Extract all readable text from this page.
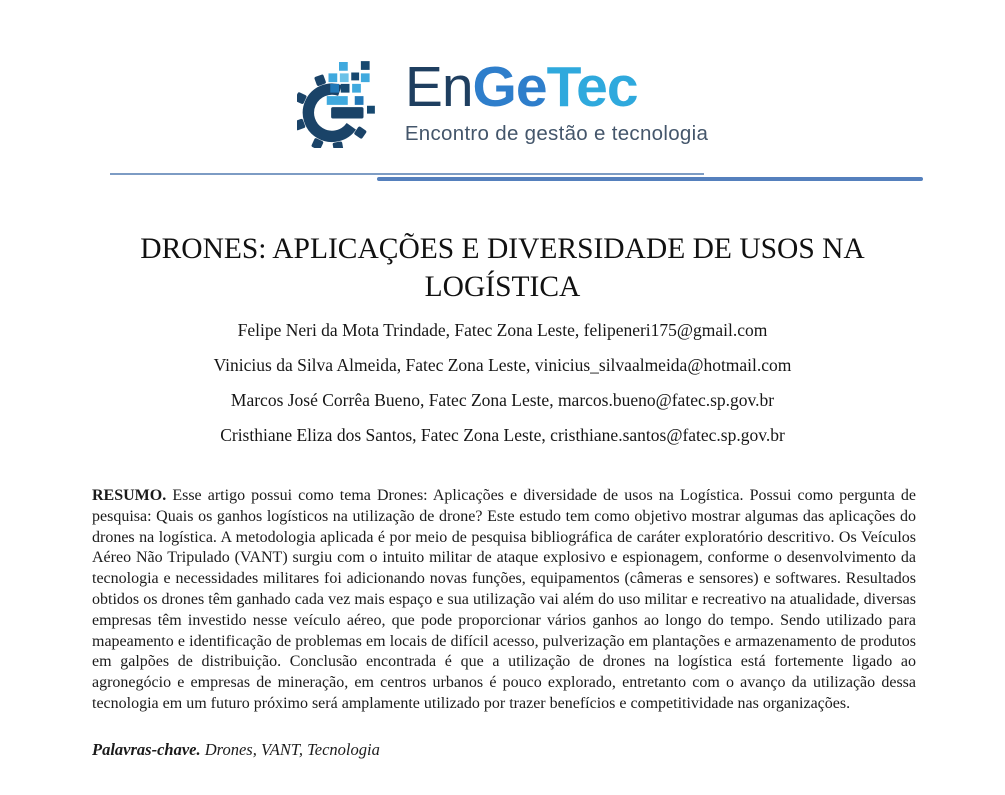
EnGeTec
Encontro de gestão e tecnologia
DRONES: APLICAÇÕES E DIVERSIDADE DE USOS NA LOGÍSTICA
Felipe Neri da Mota Trindade, Fatec Zona Leste, felipeneri175@gmail.com
Vinicius da Silva Almeida, Fatec Zona Leste, vinicius_silvaalmeida@hotmail.com
Marcos José Corrêa Bueno, Fatec Zona Leste, marcos.bueno@fatec.sp.gov.br
Cristhiane Eliza dos Santos, Fatec Zona Leste, cristhiane.santos@fatec.sp.gov.br

RESUMO. Esse artigo possui como tema Drones: Aplicações e diversidade de usos na Logística. Possui como pergunta de pesquisa: Quais os ganhos logísticos na utilização de drone? Este estudo tem como objetivo mostrar algumas das aplicações do drones na logística. A metodologia aplicada é por meio de pesquisa bibliográfica de caráter exploratório descritivo. Os Veículos Aéreo Não Tripulado (VANT) surgiu com o intuito militar de ataque explosivo e espionagem, conforme o desenvolvimento da tecnologia e necessidades militares foi adicionando novas funções, equipamentos (câmeras e sensores) e softwares. Resultados obtidos os drones têm ganhado cada vez mais espaço e sua utilização vai além do uso militar e recreativo na atualidade, diversas empresas têm investido nesse veículo aéreo, que pode proporcionar vários ganhos ao longo do tempo. Sendo utilizado para mapeamento e identificação de problemas em locais de difícil acesso, pulverização em plantações e armazenamento de produtos em galpões de distribuição. Conclusão encontrada é que a utilização de drones na logística está fortemente ligado ao agronegócio e empresas de mineração, em centros urbanos é pouco explorado, entretanto com o avanço da utilização dessa tecnologia em um futuro próximo será amplamente utilizado por trazer benefícios e competitividade nas organizações.

Palavras-chave. Drones, VANT, Tecnologia
